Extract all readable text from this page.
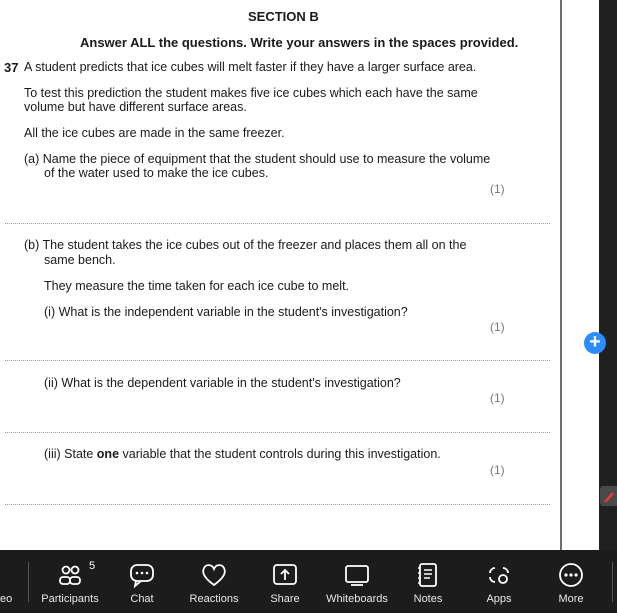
SECTION B
Answer ALL the questions. Write your answers in the spaces provided.
37 A student predicts that ice cubes will melt faster if they have a larger surface area.
To test this prediction the student makes five ice cubes which each have the same
volume but have different surface areas.
All the ice cubes are made in the same freezer.
(a) Name the piece of equipment that the student should use to measure the volume
of the water used to make the ice cubes.
(1)
(b) The student takes the ice cubes out of the freezer and places them all on the
same bench.
They measure the time taken for each ice cube to melt.
(i) What is the independent variable in the student's investigation?
(1)
(ii) What is the dependent variable in the student's investigation?
(1)
(iii) State one variable that the student controls during this investigation.
(1)
+
eo	Participants	Chat	Reactions	Share	Whiteboards	Notes	Apps	More
5
